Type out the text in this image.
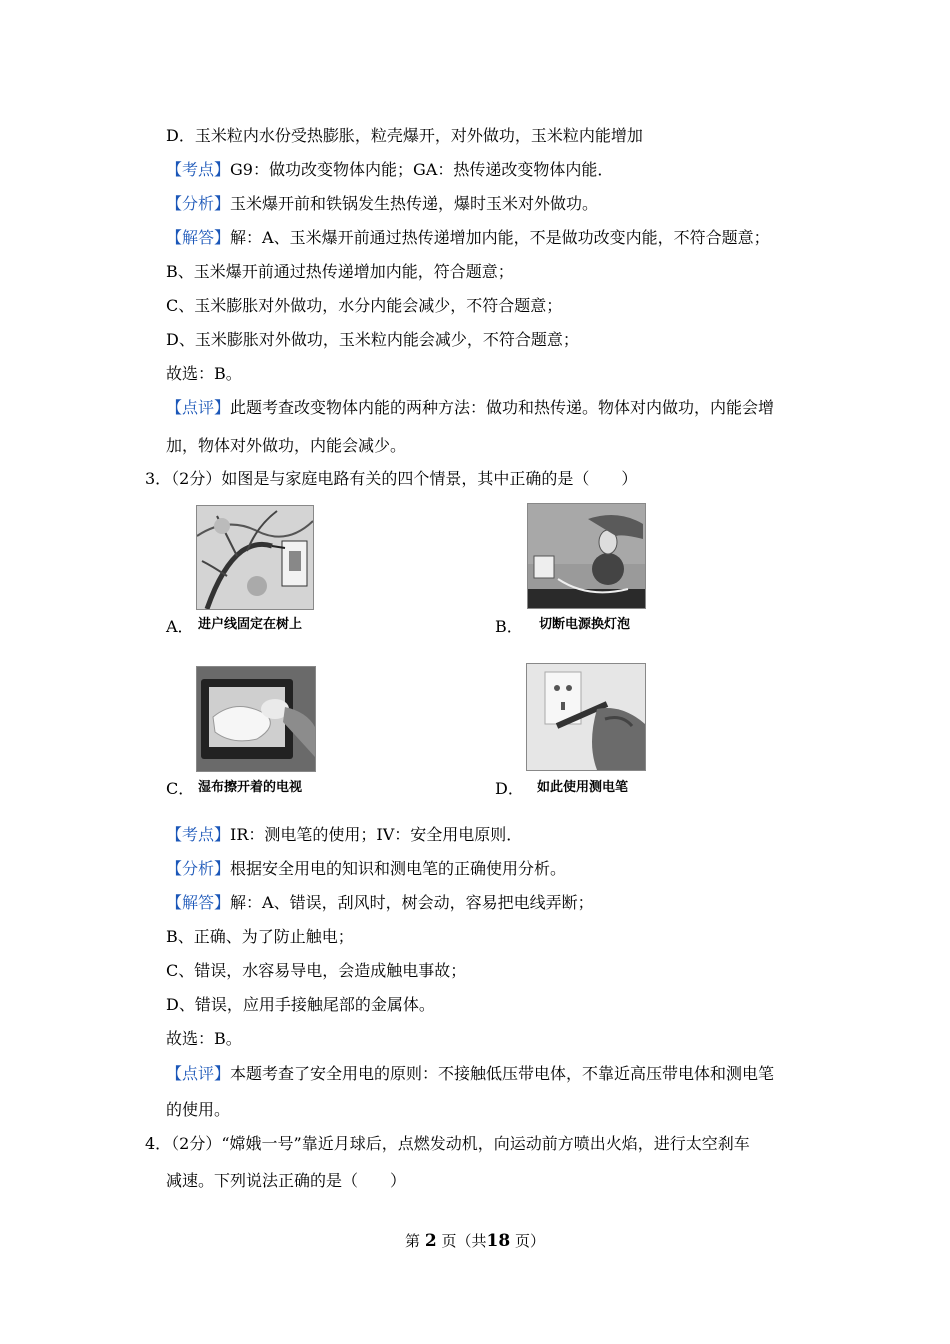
D．玉米粒内水份受热膨胀，粒壳爆开，对外做功，玉米粒内能增加
【考点】G9：做功改变物体内能；GA：热传递改变物体内能．
【分析】玉米爆开前和铁锅发生热传递，爆时玉米对外做功。
【解答】解：A、玉米爆开前通过热传递增加内能，不是做功改变内能，不符合题意；
B、玉米爆开前通过热传递增加内能，符合题意；
C、玉米膨胀对外做功，水分内能会减少，不符合题意；
D、玉米膨胀对外做功，玉米粒内能会减少，不符合题意；
故选：B。
【点评】此题考查改变物体内能的两种方法：做功和热传递。物体对内做功，内能会增
加，物体对外做功，内能会减少。
3．（2分）如图是与家庭电路有关的四个情景，其中正确的是（　　）
A． 进户线固定在树上	B． 切断电源换灯泡
C． 湿布擦开着的电视	D． 如此使用测电笔
【考点】IR：测电笔的使用；IV：安全用电原则．
【分析】根据安全用电的知识和测电笔的正确使用分析。
【解答】解：A、错误，刮风时，树会动，容易把电线弄断；
B、正确、为了防止触电；
C、错误，水容易导电，会造成触电事故；
D、错误，应用手接触尾部的金属体。
故选：B。
【点评】本题考查了安全用电的原则：不接触低压带电体，不靠近高压带电体和测电笔
的使用。
4．（2分）“嫦娥一号”靠近月球后，点燃发动机，向运动前方喷出火焰，进行太空刹车
减速。下列说法正确的是（　　）
第 2 页（共18 页）
